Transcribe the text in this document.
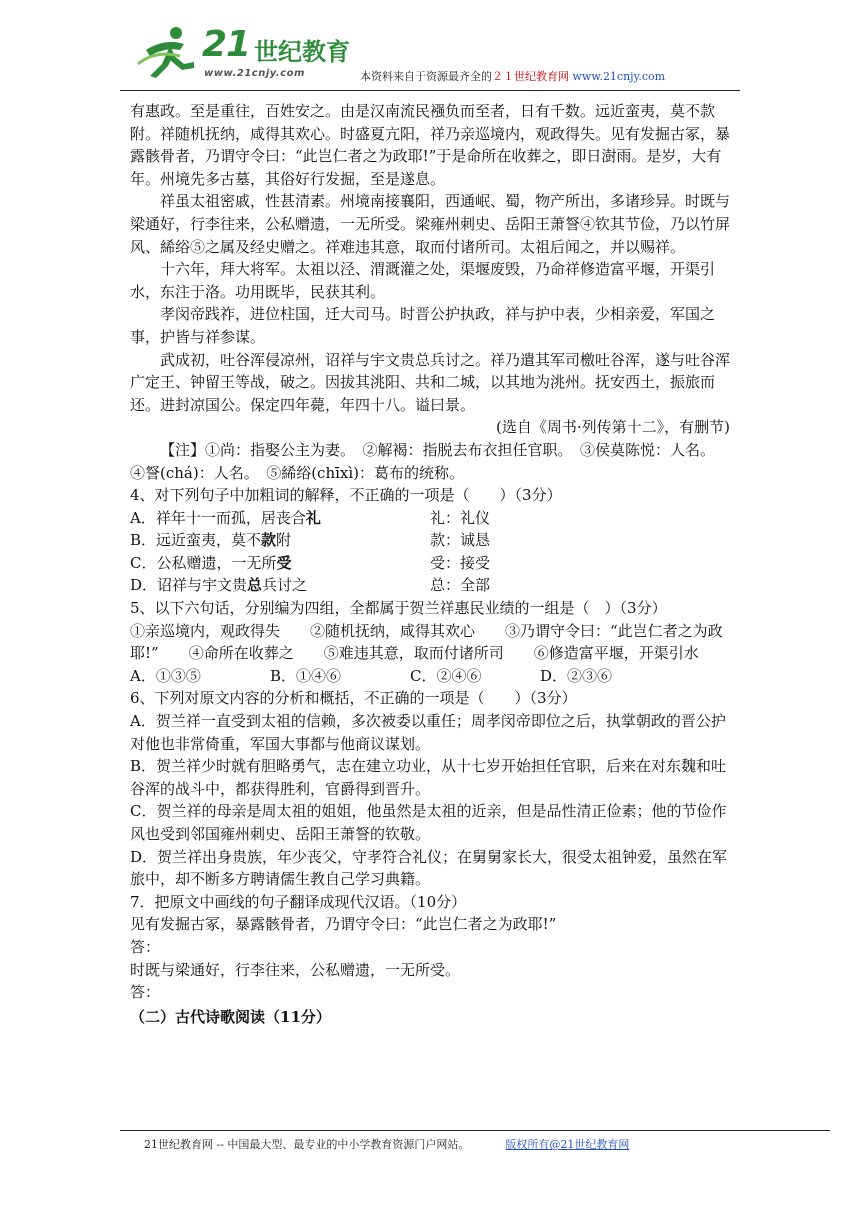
21 世纪教育
www.21cnjy.com	本资料来自于资源最齐全的２１世纪教育网 www.21cnjy.com

有惠政。至是重往，百姓安之。由是汉南流民襁负而至者，日有千数。远近蛮夷，莫不款附。祥随机抚纳，咸得其欢心。时盛夏亢阳，祥乃亲巡境内，观政得失。见有发掘古冢，暴露骸骨者，乃谓守令曰：“此岂仁者之为政耶!”于是命所在收葬之，即日澍雨。是岁，大有年。州境先多古墓，其俗好行发掘，至是遂息。

祥虽太祖密戚，性甚清素。州境南接襄阳，西通岷、蜀，物产所出，多诸珍异。时既与梁通好，行李往来，公私赠遗，一无所受。梁雍州刺史、岳阳王萧詧④钦其节俭，乃以竹屏风、絺绤⑤之属及经史赠之。祥难违其意，取而付诸所司。太祖后闻之，并以赐祥。

十六年，拜大将军。太祖以泾、渭溉灌之处，渠堰废毁，乃命祥修造富平堰，开渠引水，东注于洛。功用既毕，民获其利。

孝闵帝践祚，进位柱国，迁大司马。时晋公护执政，祥与护中表，少相亲爱，军国之事，护皆与祥参谋。

武成初，吐谷浑侵凉州，诏祥与宇文贵总兵讨之。祥乃遣其军司檄吐谷浑，遂与吐谷浑广定王、钟留王等战，破之。因拔其洮阳、共和二城，以其地为洮州。抚安西土，振旅而还。进封凉国公。保定四年薨，年四十八。谥曰景。

(选自《周书·列传第十二》，有删节)

【注】①尚：指娶公主为妻。　②解褐：指脱去布衣担任官职。　③侯莫陈悦：人名。　④詧(chá)：人名。　⑤絺绤(chīxì)：葛布的统称。

4、对下列句子中加粗词的解释，不正确的一项是（　　）（3分）

A．祥年十一而孤，居丧合礼	礼：礼仪
B．远近蛮夷，莫不款附	款：诚恳
C．公私赠遗，一无所受	受：接受
D．诏祥与宇文贵总兵讨之	总：全部

5、以下六句话，分别编为四组，全都属于贺兰祥惠民业绩的一组是（　）（3分）

①亲巡境内，观政得失　　②随机抚纳，咸得其欢心　　③乃谓守令曰：“此岂仁者之为政耶!”　　④命所在收葬之　　⑤难违其意，取而付诸所司　　⑥修造富平堰，开渠引水

A．①③⑤	B．①④⑥	C．②④⑥	D．②③⑥

6、下列对原文内容的分析和概括，不正确的一项是（　　）（3分）

A．贺兰祥一直受到太祖的信赖，多次被委以重任；周孝闵帝即位之后，执掌朝政的晋公护对他也非常倚重，军国大事都与他商议谋划。

B．贺兰祥少时就有胆略勇气，志在建立功业，从十七岁开始担任官职，后来在对东魏和吐谷浑的战斗中，都获得胜利，官爵得到晋升。

C．贺兰祥的母亲是周太祖的姐姐，他虽然是太祖的近亲，但是品性清正俭素；他的节俭作风也受到邻国雍州刺史、岳阳王萧詧的钦敬。

D．贺兰祥出身贵族，年少丧父，守孝符合礼仪；在舅舅家长大，很受太祖钟爱，虽然在军旅中，却不断多方聘请儒生教自己学习典籍。

7．把原文中画线的句子翻译成现代汉语。（10分）

见有发掘古冢，暴露骸骨者，乃谓守令曰：“此岂仁者之为政耶!”

答：

时既与梁通好，行李往来，公私赠遗，一无所受。

答：

（二）古代诗歌阅读（11分）

21世纪教育网 -- 中国最大型、最专业的中小学教育资源门户网站。	版权所有@21世纪教育网
